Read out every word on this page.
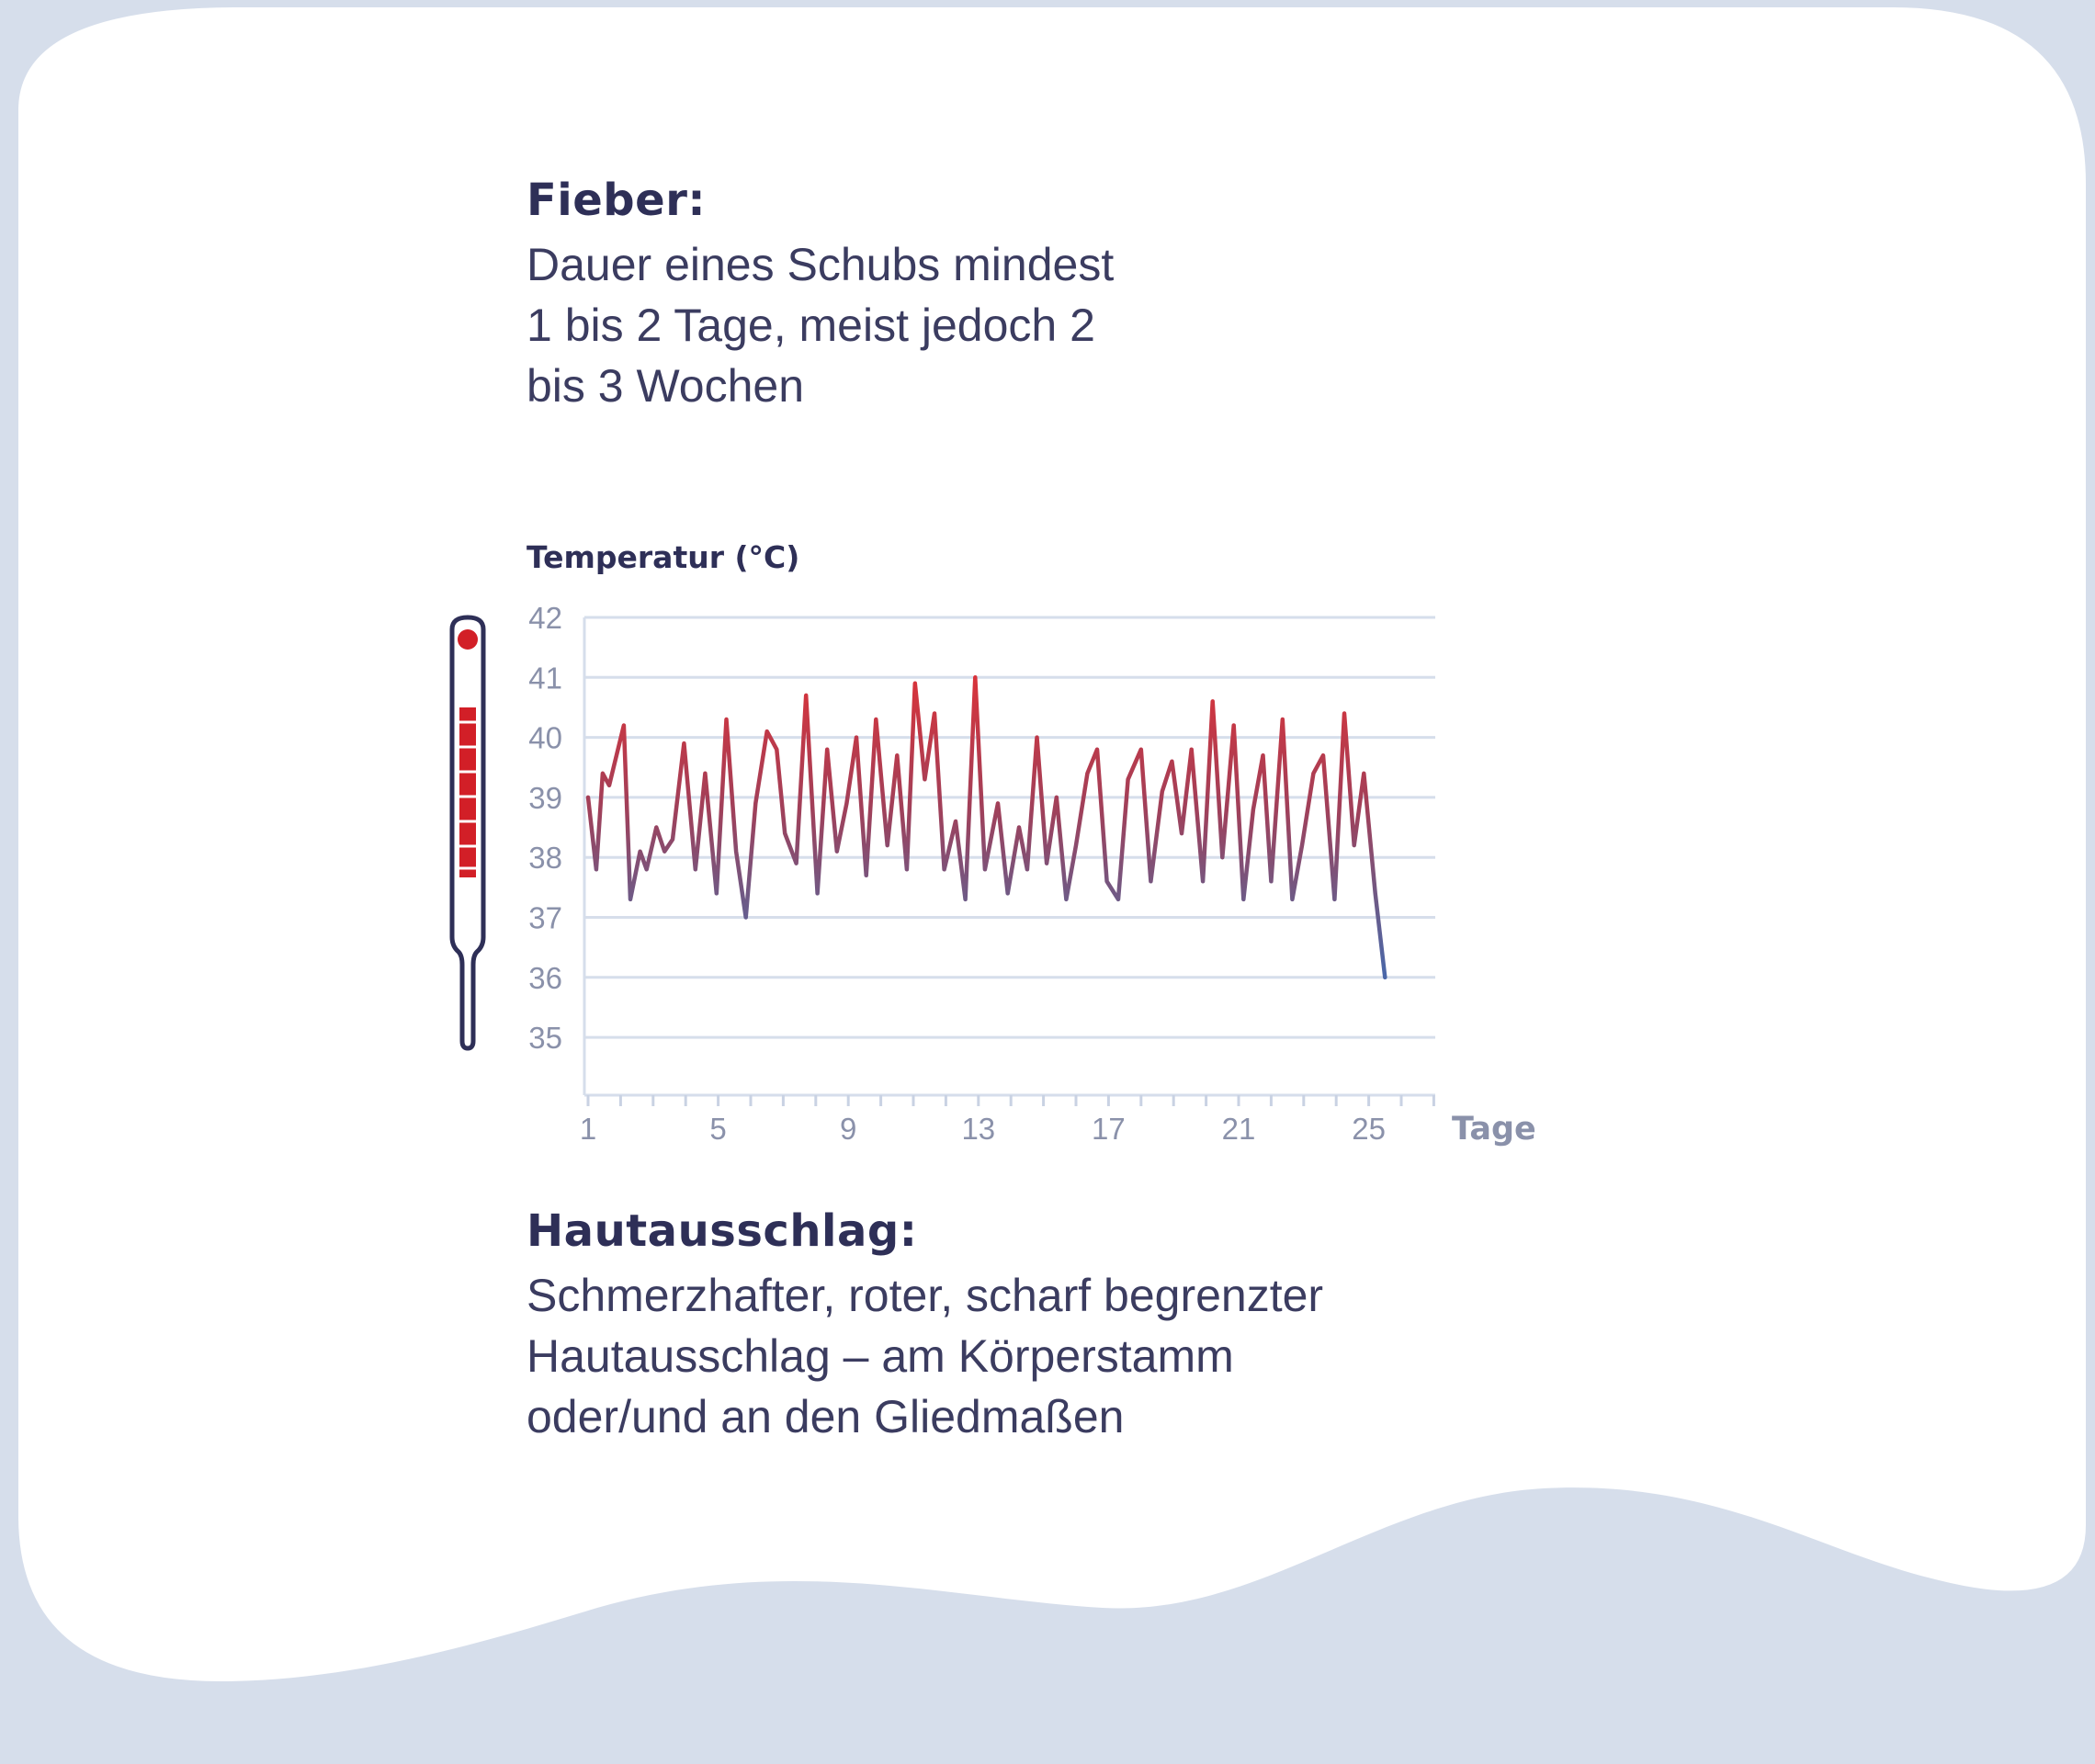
Fieber:

Dauer eines Schubs mindest
1 bis 2 Tage, meist jedoch 2
bis 3 Wochen

Temperatur (°C)
35
36
37
38
39
40
41
42
1	5	9	13	17	21	25 Tage
Hautausschlag:

Schmerzhafter, roter, scharf begrenzter
Hautausschlag – am Körperstamm
oder/und an den Gliedmaßen
